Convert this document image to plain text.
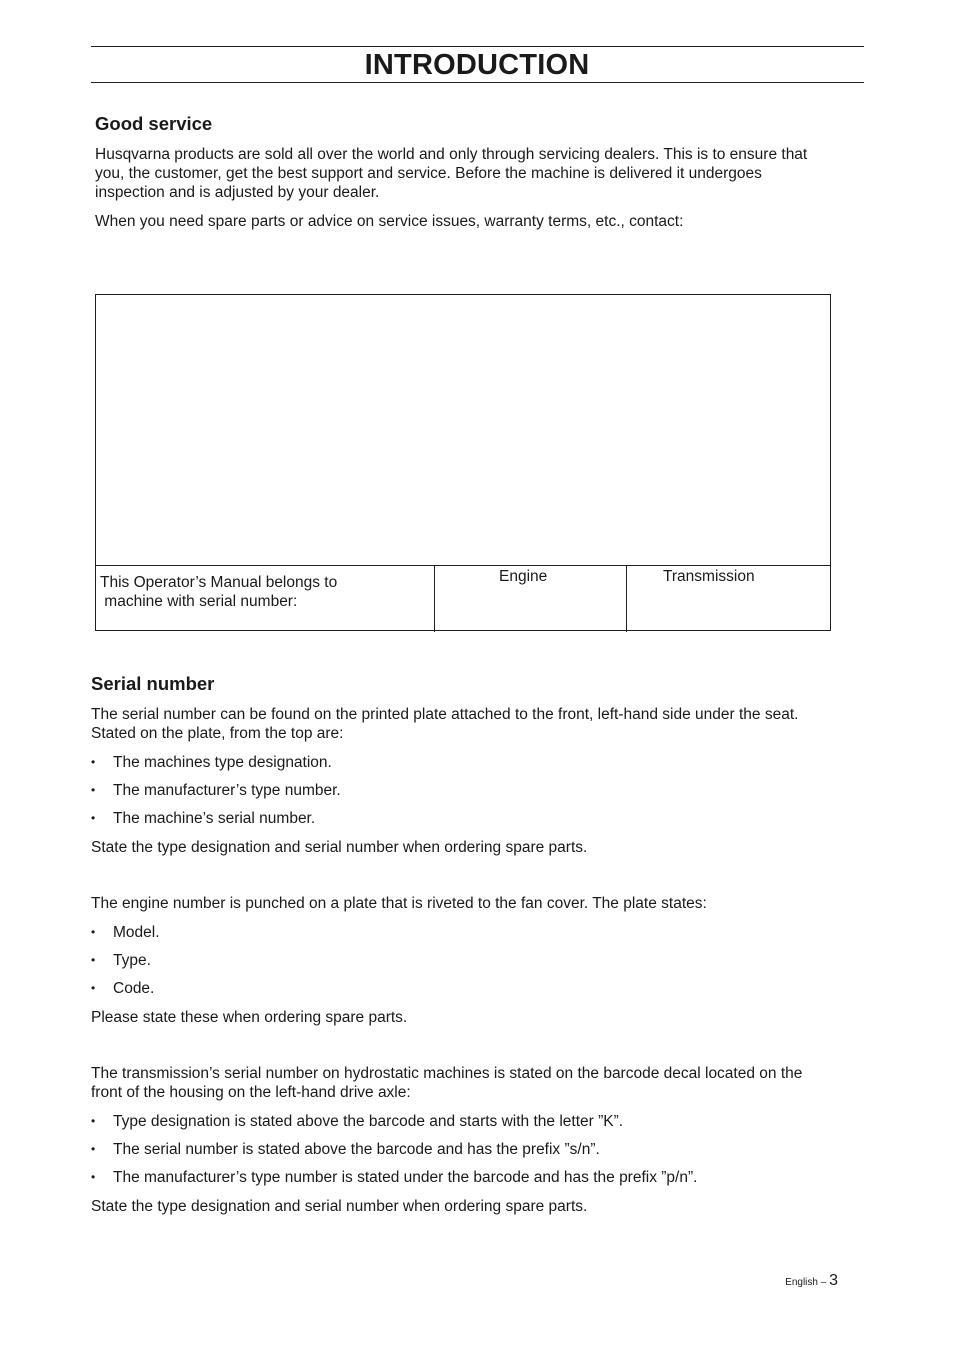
INTRODUCTION
Good service
Husqvarna products are sold all over the world and only through servicing dealers. This is to ensure that
you, the customer, get the best support and service. Before the machine is delivered it undergoes
inspection and is adjusted by your dealer.
When you need spare parts or advice on service issues, warranty terms, etc., contact:
This Operator’s Manual belongs to
machine with serial number:
Engine	Transmission
Serial number
The serial number can be found on the printed plate attached to the front, left-hand side under the seat.
Stated on the plate, from the top are:
• The machines type designation.
• The manufacturer’s type number.
• The machine’s serial number.
State the type designation and serial number when ordering spare parts.
The engine number is punched on a plate that is riveted to the fan cover. The plate states:
• Model.
• Type.
• Code.
Please state these when ordering spare parts.
The transmission’s serial number on hydrostatic machines is stated on the barcode decal located on the
front of the housing on the left-hand drive axle:
• Type designation is stated above the barcode and starts with the letter ”K”.
• The serial number is stated above the barcode and has the prefix ”s/n”.
• The manufacturer’s type number is stated under the barcode and has the prefix ”p/n”.
State the type designation and serial number when ordering spare parts.
English – 3
